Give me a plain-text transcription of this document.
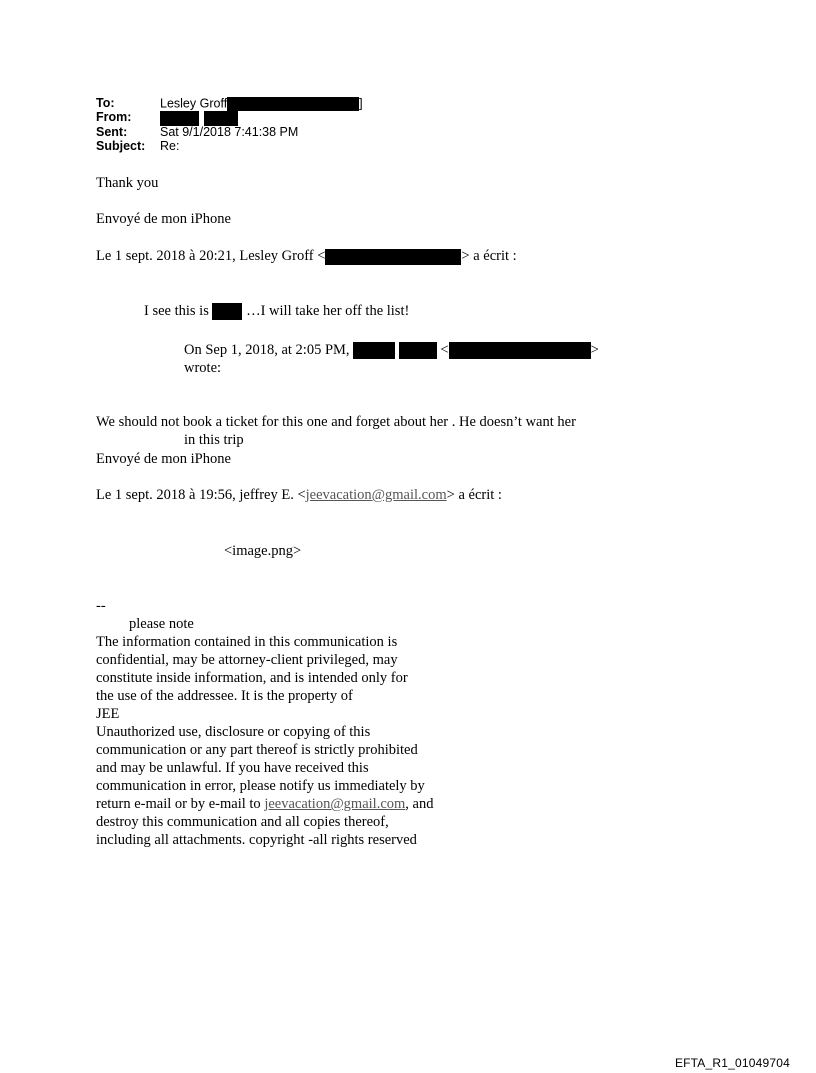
To:	Lesley Groff	]
From:

Sent:	Sat 9/1/2018 7:41:38 PM
Subject: Re:
Thank you
Envoyé de mon iPhone
Le 1 sept. 2018 à 20:21, Lesley Groff <	> a écrit :
I see this is	…I will take her off the list!
On Sep 1, 2018, at 2:05 PM,	<	>
wrote:
We should not book a ticket for this one and forget about her . He doesn’t want her
in this trip
Envoyé de mon iPhone
Le 1 sept. 2018 à 19:56, jeffrey E. <jeevacation@gmail.com> a écrit :
<image.png>
--
please note
The information contained in this communication is
confidential, may be attorney-client privileged, may
constitute inside information, and is intended only for
the use of the addressee. It is the property of
JEE
Unauthorized use, disclosure or copying of this
communication or any part thereof is strictly prohibited
and may be unlawful. If you have received this
communication in error, please notify us immediately by
return e-mail or by e-mail to jeevacation@gmail.com, and
destroy this communication and all copies thereof,
including all attachments. copyright -all rights reserved
EFTA_R1_01049704
